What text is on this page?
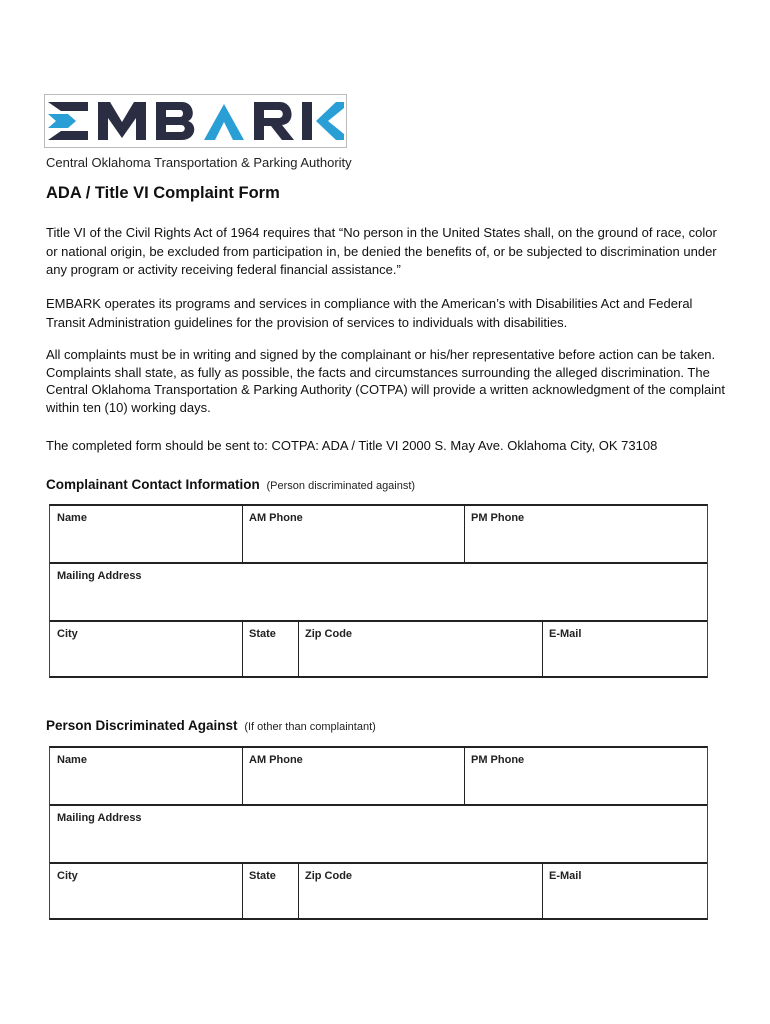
Central Oklahoma Transportation & Parking Authority
ADA / Title VI Complaint Form

Title VI of the Civil Rights Act of 1964 requires that “No person in the United States shall, on the ground of race, color or national origin, be excluded from participation in, be denied the benefits of, or be subjected to discrimination under any program or activity receiving federal financial assistance.”

EMBARK operates its programs and services in compliance with the American’s with Disabilities Act and Federal Transit Administration guidelines for the provision of services to individuals with disabilities.

All complaints must be in writing and signed by the complainant or his/her representative before action can be taken. Complaints shall state, as fully as possible, the facts and circumstances surrounding the alleged discrimination. The Central Oklahoma Transportation & Parking Authority (COTPA) will provide a written acknowledgment of the complaint within ten (10) working days.

The completed form should be sent to: COTPA: ADA / Title VI 2000 S. May Ave. Oklahoma City, OK 73108

Complainant Contact Information (Person discriminated against)
Name	AM Phone	PM Phone
Mailing Address
City	State	Zip Code	E-Mail
Person Discriminated Against (If other than complaintant)
Name	AM Phone	PM Phone
Mailing Address
City	State	Zip Code	E-Mail
